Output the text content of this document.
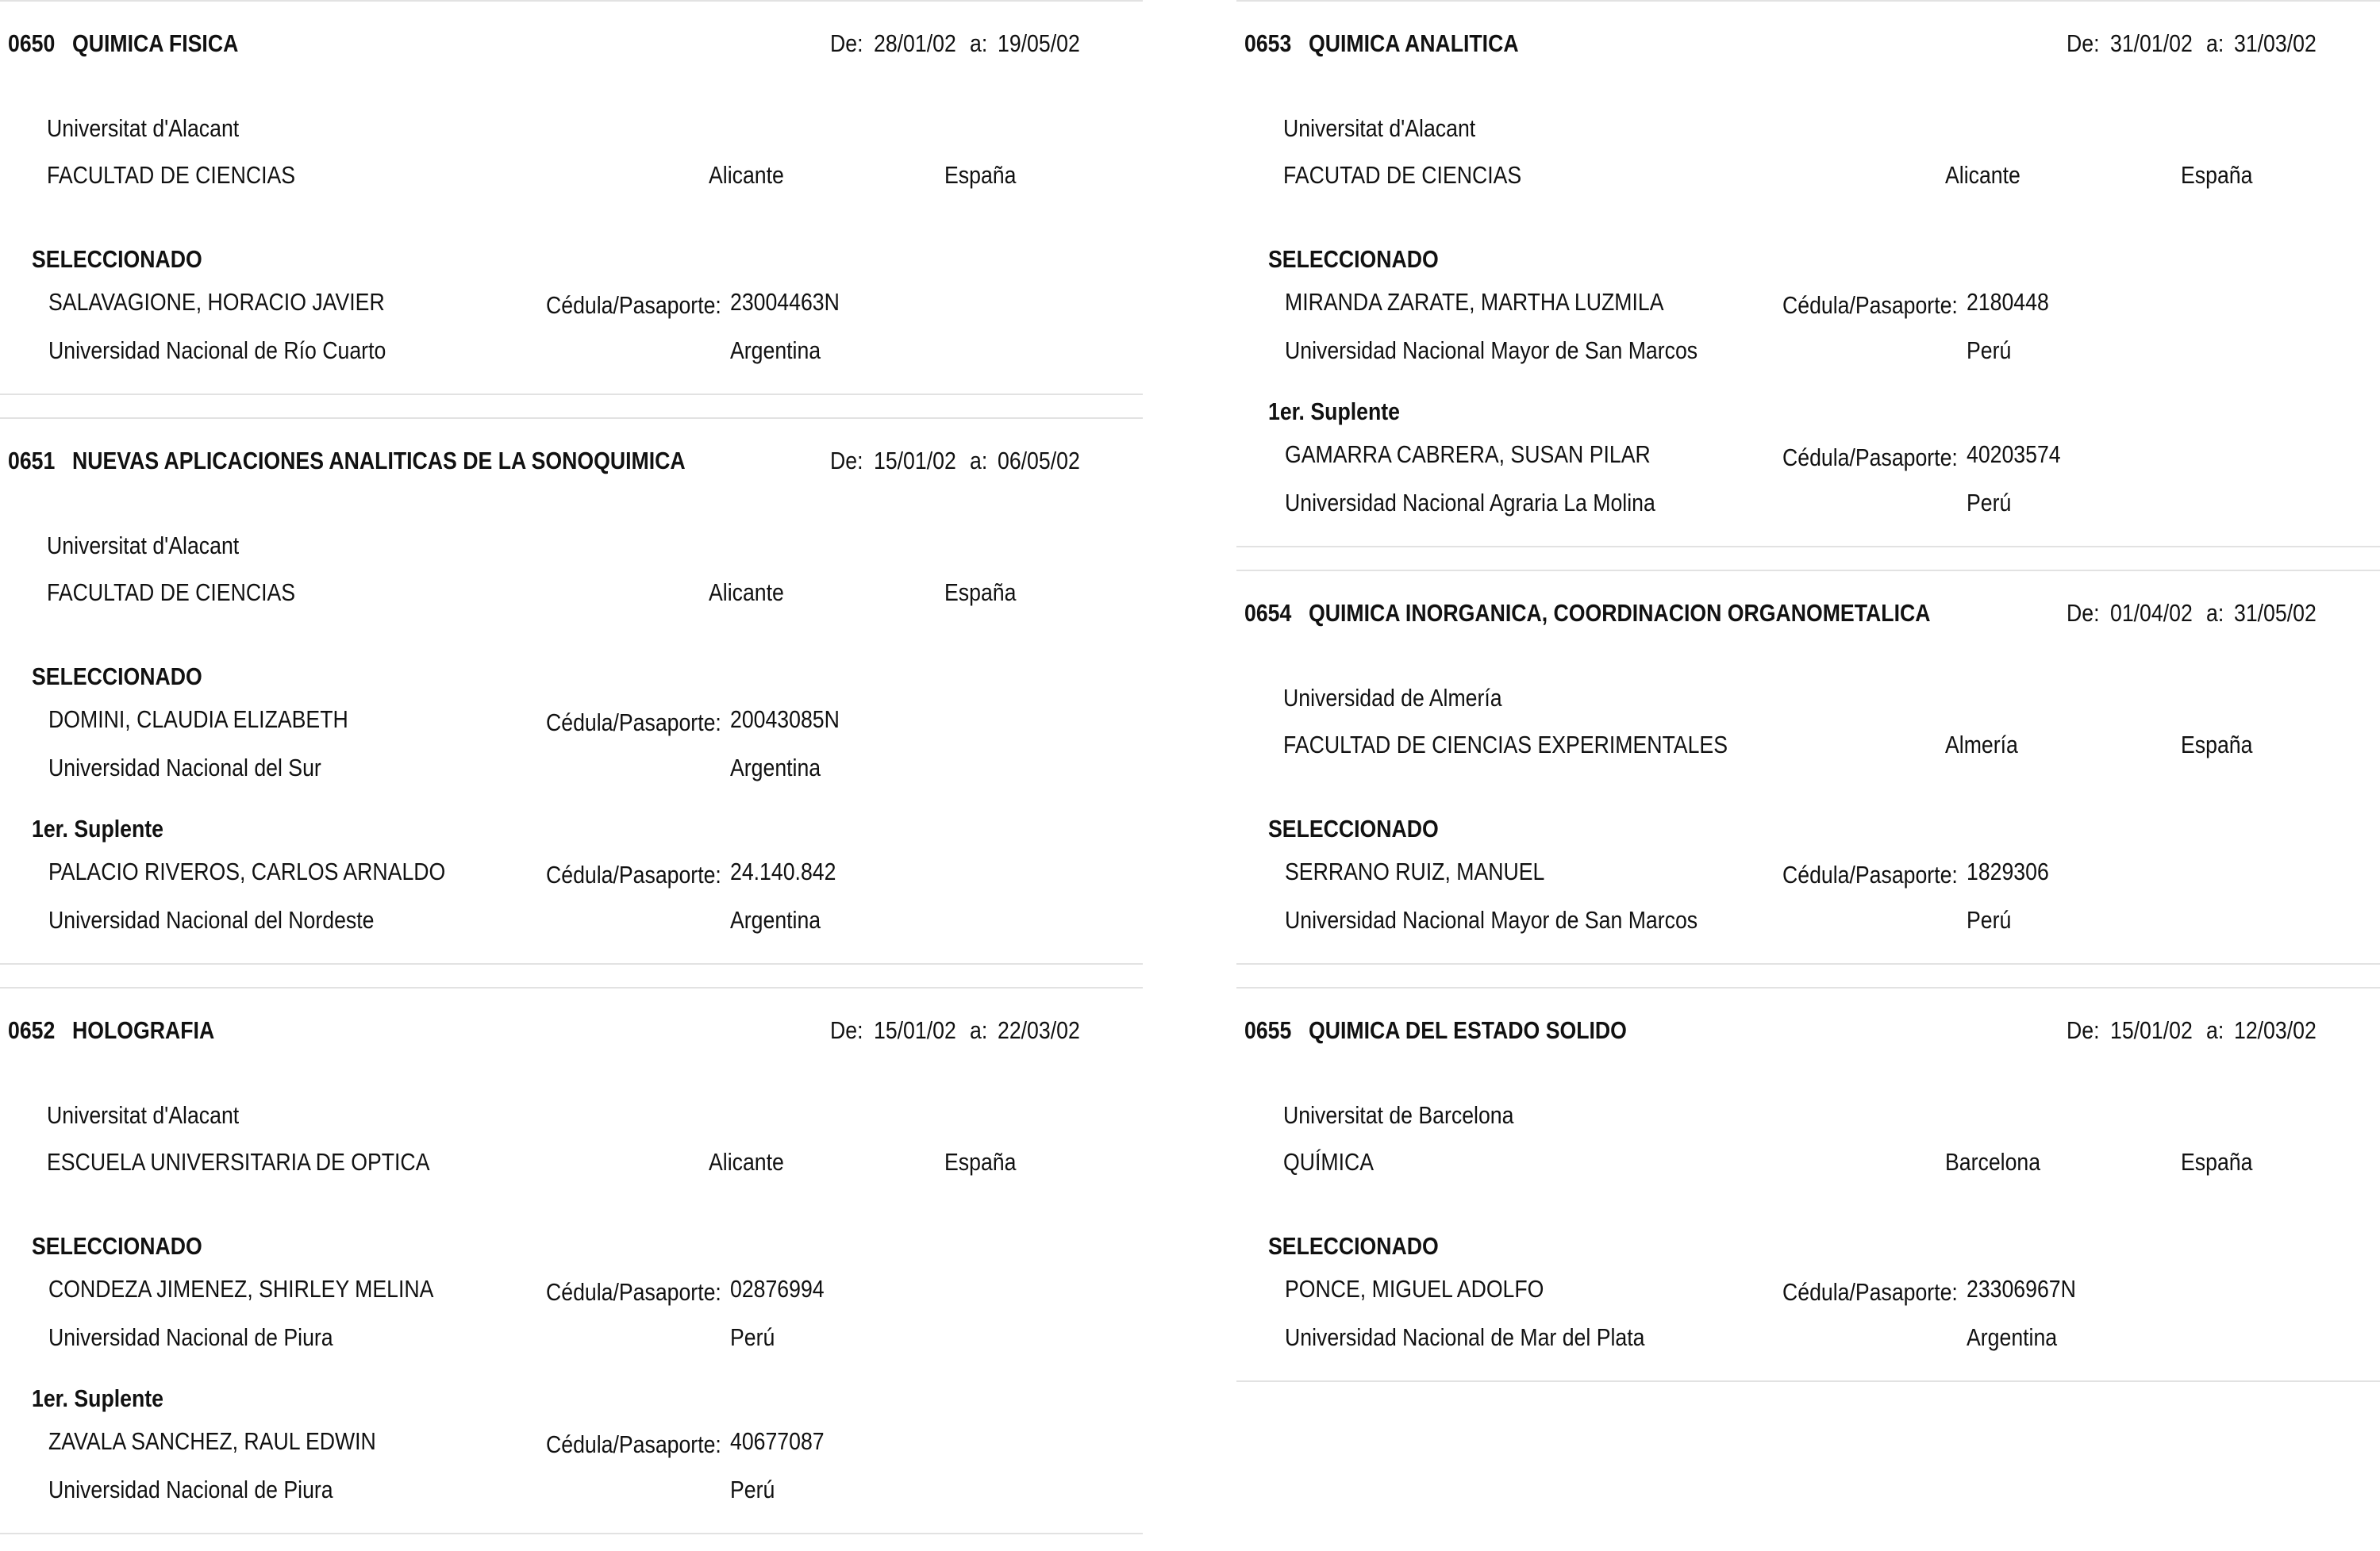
0650 QUIMICA FISICA	De: 28/01/02 a: 19/05/02
Universitat d'Alacant
FACULTAD DE CIENCIAS	Alicante	España
SELECCIONADO
SALAVAGIONE, HORACIO JAVIER	Cédula/Pasaporte: 23004463N
Universidad Nacional de Río Cuarto	Argentina
0651 NUEVAS APLICACIONES ANALITICAS DE LA SONOQUIMICA	De: 15/01/02 a: 06/05/02
Universitat d'Alacant
FACULTAD DE CIENCIAS	Alicante	España
SELECCIONADO
DOMINI, CLAUDIA ELIZABETH	Cédula/Pasaporte: 20043085N
Universidad Nacional del Sur	Argentina
1er. Suplente
PALACIO RIVEROS, CARLOS ARNALDO	Cédula/Pasaporte: 24.140.842
Universidad Nacional del Nordeste	Argentina
0652 HOLOGRAFIA	De: 15/01/02 a: 22/03/02
Universitat d'Alacant
ESCUELA UNIVERSITARIA DE OPTICA	Alicante	España
SELECCIONADO
CONDEZA JIMENEZ, SHIRLEY MELINA	Cédula/Pasaporte: 02876994
Universidad Nacional de Piura	Perú
1er. Suplente
ZAVALA SANCHEZ, RAUL EDWIN	Cédula/Pasaporte: 40677087
Universidad Nacional de Piura	Perú
0653 QUIMICA ANALITICA	De: 31/01/02 a: 31/03/02
Universitat d'Alacant
FACUTAD DE CIENCIAS	Alicante	España
SELECCIONADO
MIRANDA ZARATE, MARTHA LUZMILA	Cédula/Pasaporte: 2180448
Universidad Nacional Mayor de San Marcos	Perú
1er. Suplente
GAMARRA CABRERA, SUSAN PILAR	Cédula/Pasaporte: 40203574
Universidad Nacional Agraria La Molina	Perú
0654 QUIMICA INORGANICA, COORDINACION ORGANOMETALICA	De: 01/04/02 a: 31/05/02
Universidad de Almería
FACULTAD DE CIENCIAS EXPERIMENTALES	Almería	España
SELECCIONADO
SERRANO RUIZ, MANUEL	Cédula/Pasaporte: 1829306
Universidad Nacional Mayor de San Marcos	Perú
0655 QUIMICA DEL ESTADO SOLIDO	De: 15/01/02 a: 12/03/02
Universitat de Barcelona
QUÍMICA	Barcelona	España
SELECCIONADO
PONCE, MIGUEL ADOLFO	Cédula/Pasaporte: 23306967N
Universidad Nacional de Mar del Plata	Argentina
